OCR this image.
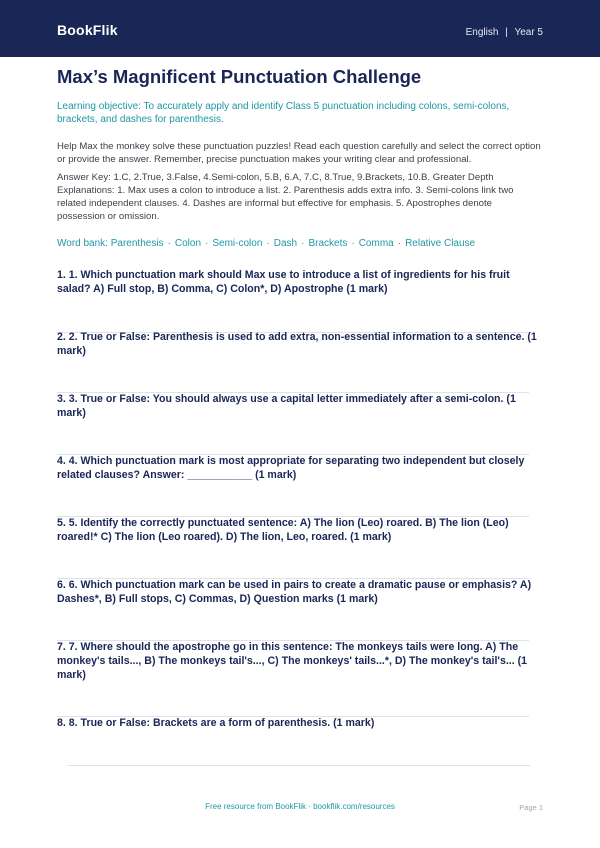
BookFlik	English | Year 5
Max’s Magnificent Punctuation Challenge
Learning objective: To accurately apply and identify Class 5 punctuation including colons, semi-colons, brackets, and dashes for parenthesis.
Help Max the monkey solve these punctuation puzzles! Read each question carefully and select the correct option or provide the answer. Remember, precise punctuation makes your writing clear and professional.
Answer Key: 1.C, 2.True, 3.False, 4.Semi-colon, 5.B, 6.A, 7.C, 8.True, 9.Brackets, 10.B. Greater Depth Explanations: 1. Max uses a colon to introduce a list. 2. Parenthesis adds extra info. 3. Semi-colons link two related independent clauses. 4. Dashes are informal but effective for emphasis. 5. Apostrophes denote possession or omission.
Word bank: Parenthesis · Colon · Semi-colon · Dash · Brackets · Comma · Relative Clause
1. 1. Which punctuation mark should Max use to introduce a list of ingredients for his fruit salad? A) Full stop, B) Comma, C) Colon*, D) Apostrophe (1 mark)
2. 2. True or False: Parenthesis is used to add extra, non-essential information to a sentence. (1 mark)
3. 3. True or False: You should always use a capital letter immediately after a semi-colon. (1 mark)
4. 4. Which punctuation mark is most appropriate for separating two independent but closely related clauses? Answer: ___________ (1 mark)
5. 5. Identify the correctly punctuated sentence: A) The lion (Leo) roared. B) The lion (Leo) roared!* C) The lion (Leo roared). D) The lion, Leo, roared. (1 mark)
6. 6. Which punctuation mark can be used in pairs to create a dramatic pause or emphasis? A) Dashes*, B) Full stops, C) Commas, D) Question marks (1 mark)
7. 7. Where should the apostrophe go in this sentence: The monkeys tails were long. A) The monkey's tails..., B) The monkeys tail's..., C) The monkeys' tails...*, D) The monkey's tail's... (1 mark)
8. 8. True or False: Brackets are a form of parenthesis. (1 mark)
Free resource from BookFlik · bookflik.com/resources	Page 1
